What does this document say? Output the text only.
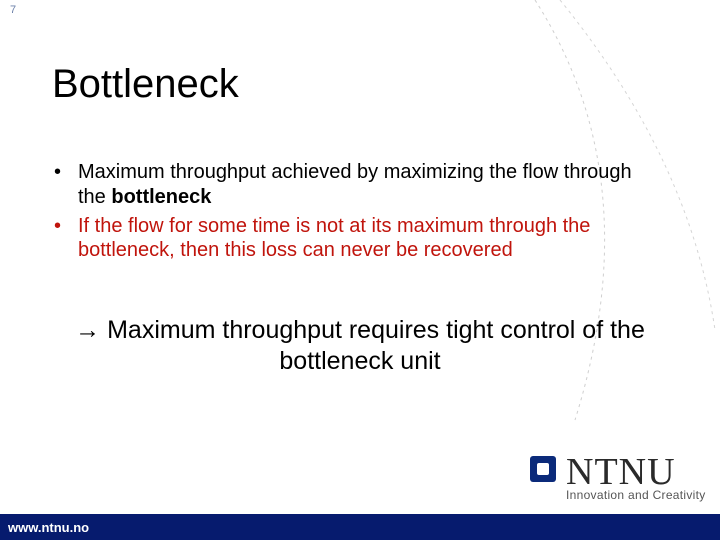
7
Bottleneck
• Maximum throughput achieved by maximizing the flow through the bottleneck
• If the flow for some time is not at its maximum through the bottleneck, then this loss can never be recovered
→ Maximum throughput requires tight control of the bottleneck unit
NTNU
Innovation and Creativity
www.ntnu.no
